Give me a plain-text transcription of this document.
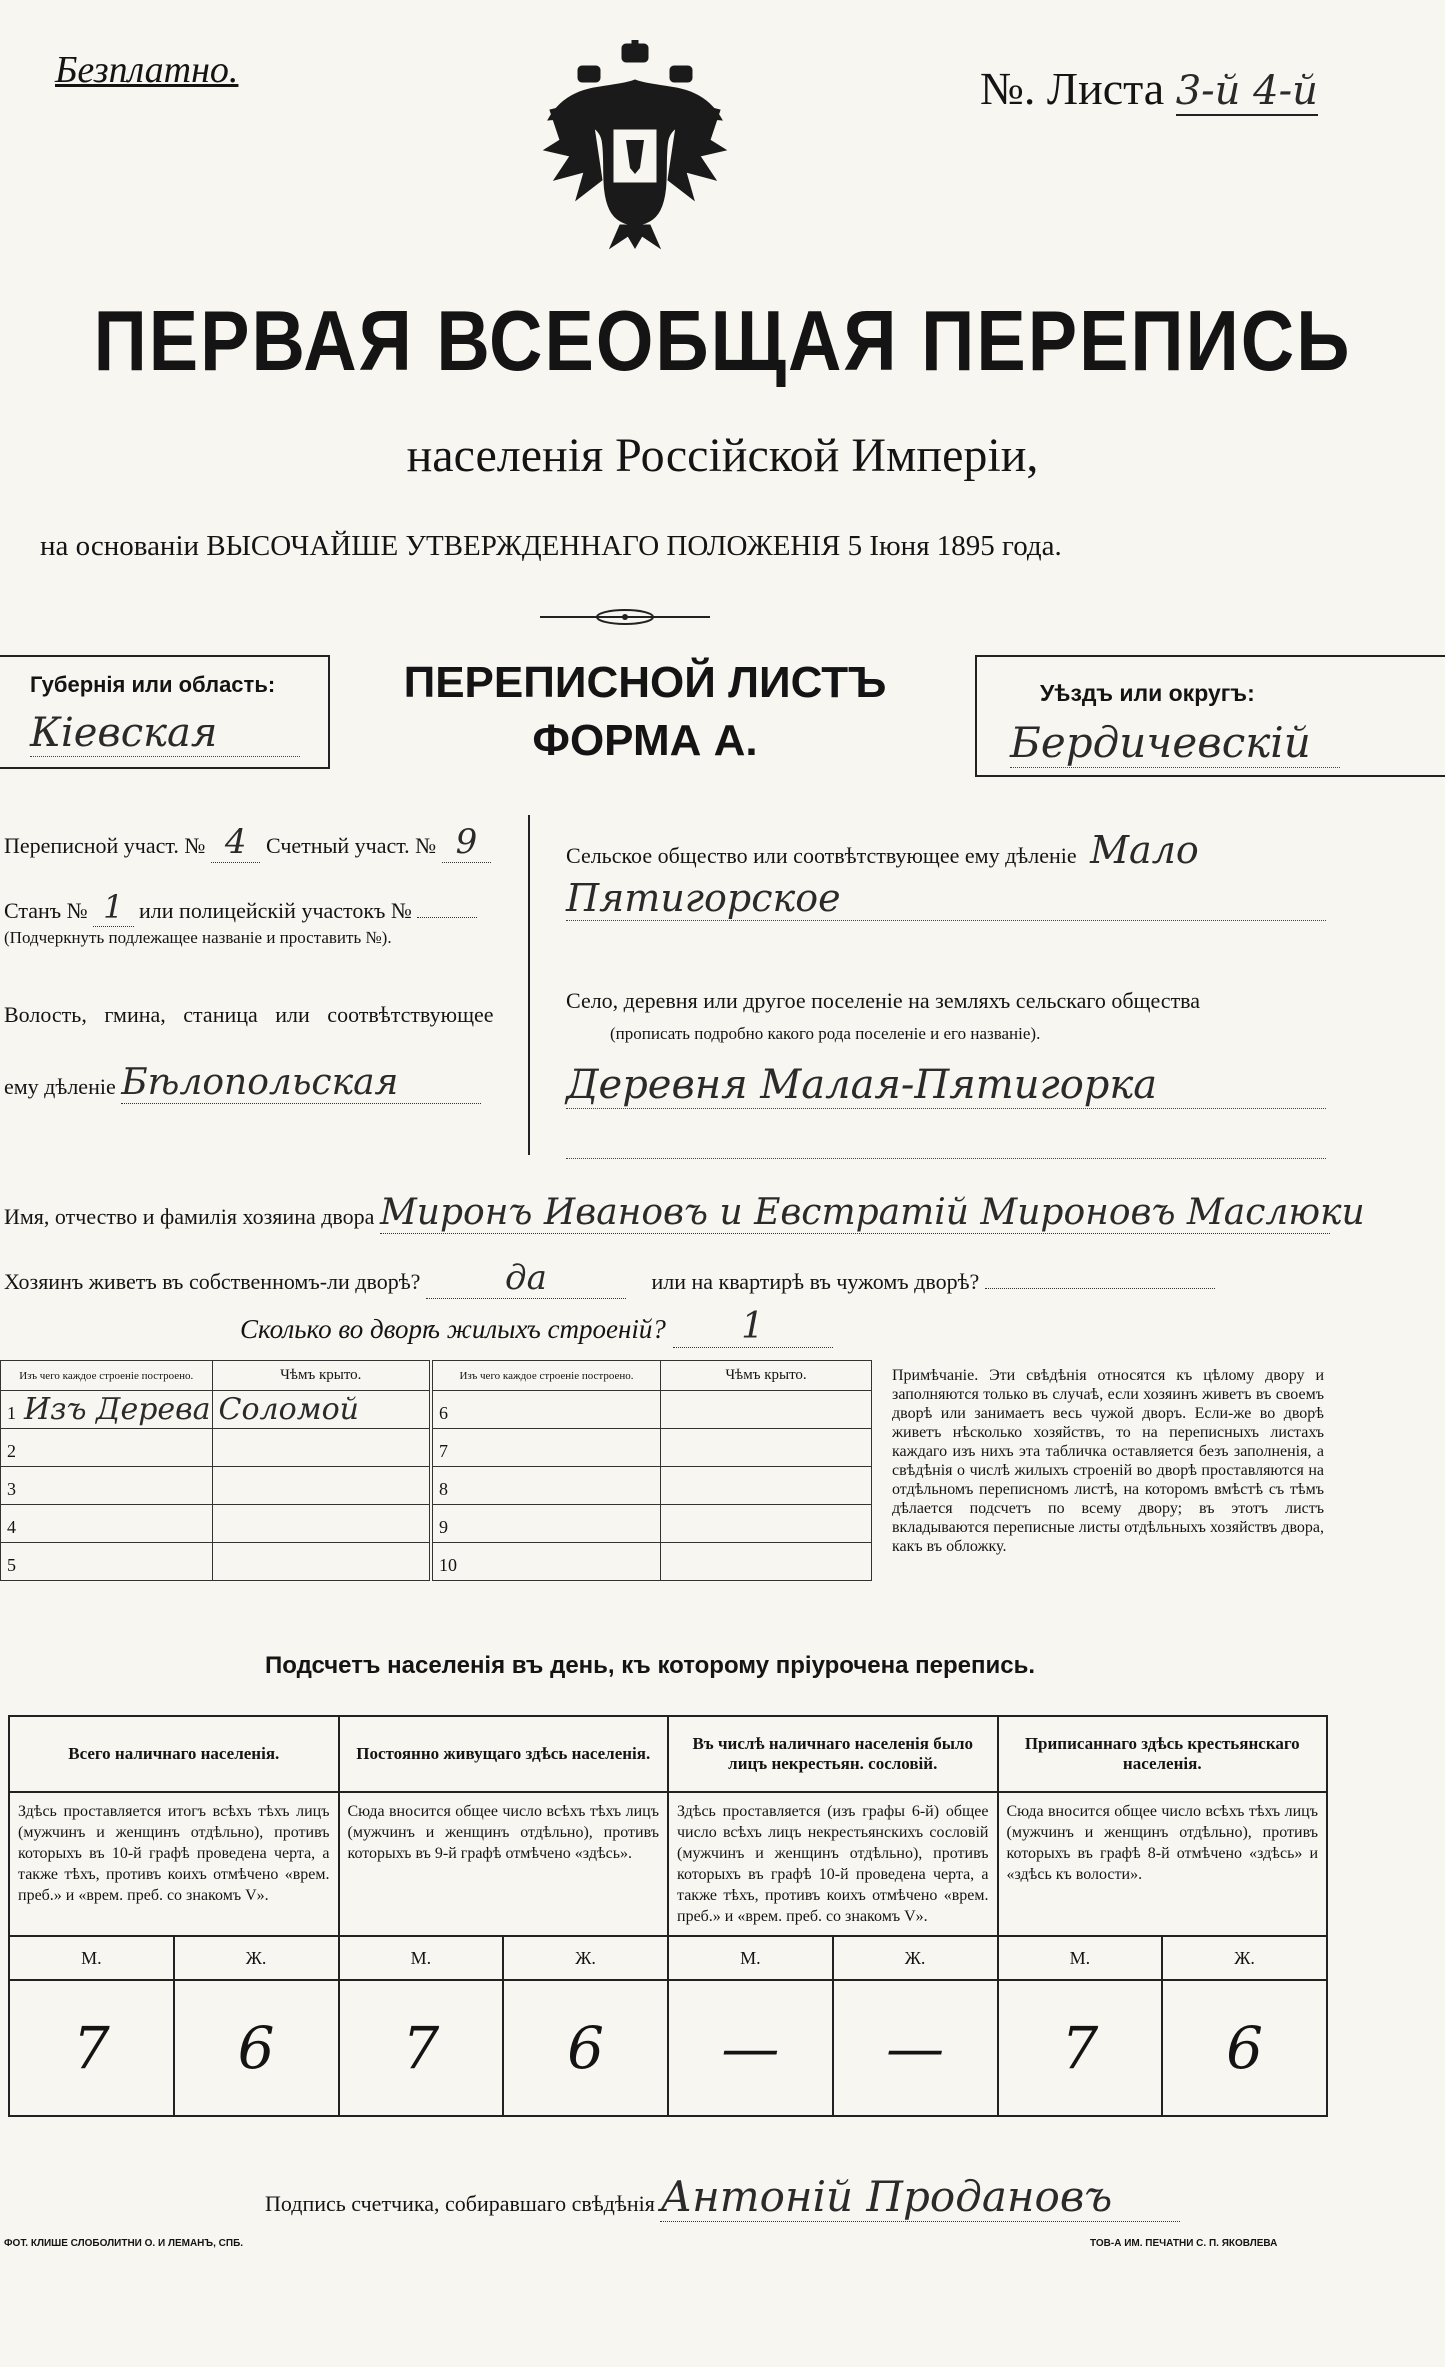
Безплатно.	№. Листа 3-й 4-й
ПЕРВАЯ ВСЕОБЩАЯ ПЕРЕПИСЬ
населенія Россійской Имперіи,
на основаніи ВЫСОЧАЙШЕ УТВЕРЖДЕННАГО ПОЛОЖЕНІЯ 5 Іюня 1895 года.
Губернія или область:
Кіевская
ПЕРЕПИСНОЙ ЛИСТЪ
ФОРМА А.
Уѣздъ или округъ:
Бердичевскій
Переписной участ. № 4 Счетный участ. № 9
Станъ № 1 или полицейскій участокъ №
(Подчеркнуть подлежащее названіе и проставить №).
Волость, гмина, станица или соотвѣтствующее
ему дѣленіе Бѣлопольская
Сельское общество или соотвѣтствующее ему дѣленіе Мало
Пятигорское
Село, деревня или другое поселеніе на земляхъ сельскаго общества
(прописать подробно какого рода поселеніе и его названіе).
Деревня Малая-Пятигорка
Имя, отчество и фамилія хозяина двора Миронъ Ивановъ и Евстратій Мироновъ Маслюки
Хозяинъ живетъ въ собственномъ-ли дворѣ? да	или на квартирѣ въ чужомъ дворѣ?
Сколько во дворѣ жилыхъ строеній? 1
Изъ чего каждое строеніе построено.	Чѣмъ крыто.
1 Изъ Дерева	Соломой
2	
3	
4	
5	
Изъ чего каждое строеніе построено.	Чѣмъ крыто.
6	
7	
8	
9	
10	
Примѣчаніе. Эти свѣдѣнія относятся къ цѣлому двору и заполняются только въ случаѣ, если хозяинъ живетъ въ своемъ дворѣ или занимаетъ весь чужой дворъ. Если-же во дворѣ живетъ нѣсколько хозяйствъ, то на переписныхъ листахъ каждаго изъ нихъ эта табличка оставляется безъ заполненія, а свѣдѣнія о числѣ жилыхъ строеній во дворѣ проставляются на отдѣльномъ переписномъ листѣ, на которомъ вмѣстѣ съ тѣмъ дѣлается подсчетъ по всему двору; въ этотъ листъ вкладываются переписные листы отдѣльныхъ хозяйствъ двора, какъ въ обложку.
Подсчетъ населенія въ день, къ которому пріурочена перепись.
Всего наличнаго населенія.		Постоянно живущаго здѣсь населенія.		Въ числѣ наличнаго населенія было лицъ некрестьян. сословій.		Приписаннаго здѣсь крестьянскаго населенія.	
Здѣсь проставляется итогъ всѣхъ тѣхъ лицъ (мужчинъ и женщинъ отдѣльно), противъ которыхъ въ 10-й графѣ проведена черта, а также тѣхъ, противъ коихъ отмѣчено «врем. преб.» и «врем. преб. со знакомъ V».		Сюда вносится общее число всѣхъ тѣхъ лицъ (мужчинъ и женщинъ отдѣльно), противъ которыхъ въ 9-й графѣ отмѣчено «здѣсь».		Здѣсь проставляется (изъ графы 6-й) общее число всѣхъ лицъ некрестьянскихъ сословій (мужчинъ и женщинъ отдѣльно), противъ которыхъ въ графѣ 10-й проведена черта, а также тѣхъ, противъ коихъ отмѣчено «врем. преб.» и «врем. преб. со знакомъ V».		Сюда вносится общее число всѣхъ тѣхъ лицъ (мужчинъ и женщинъ отдѣльно), противъ которыхъ въ графѣ 8-й отмѣчено «здѣсь» и «здѣсь къ волости».	
М.	Ж.	М.	Ж.	М.	Ж.	М.	Ж.
7	6	7	6	—	—	7	6
Подпись счетчика, собиравшаго свѣдѣнія Антоній Продановъ
ФОТ. КЛИШЕ СЛОБОЛИТНИ О. И ЛЕМАНЪ, СПБ.	ТОВ-А ИМ. ПЕЧАТНИ С. П. ЯКОВЛЕВА
